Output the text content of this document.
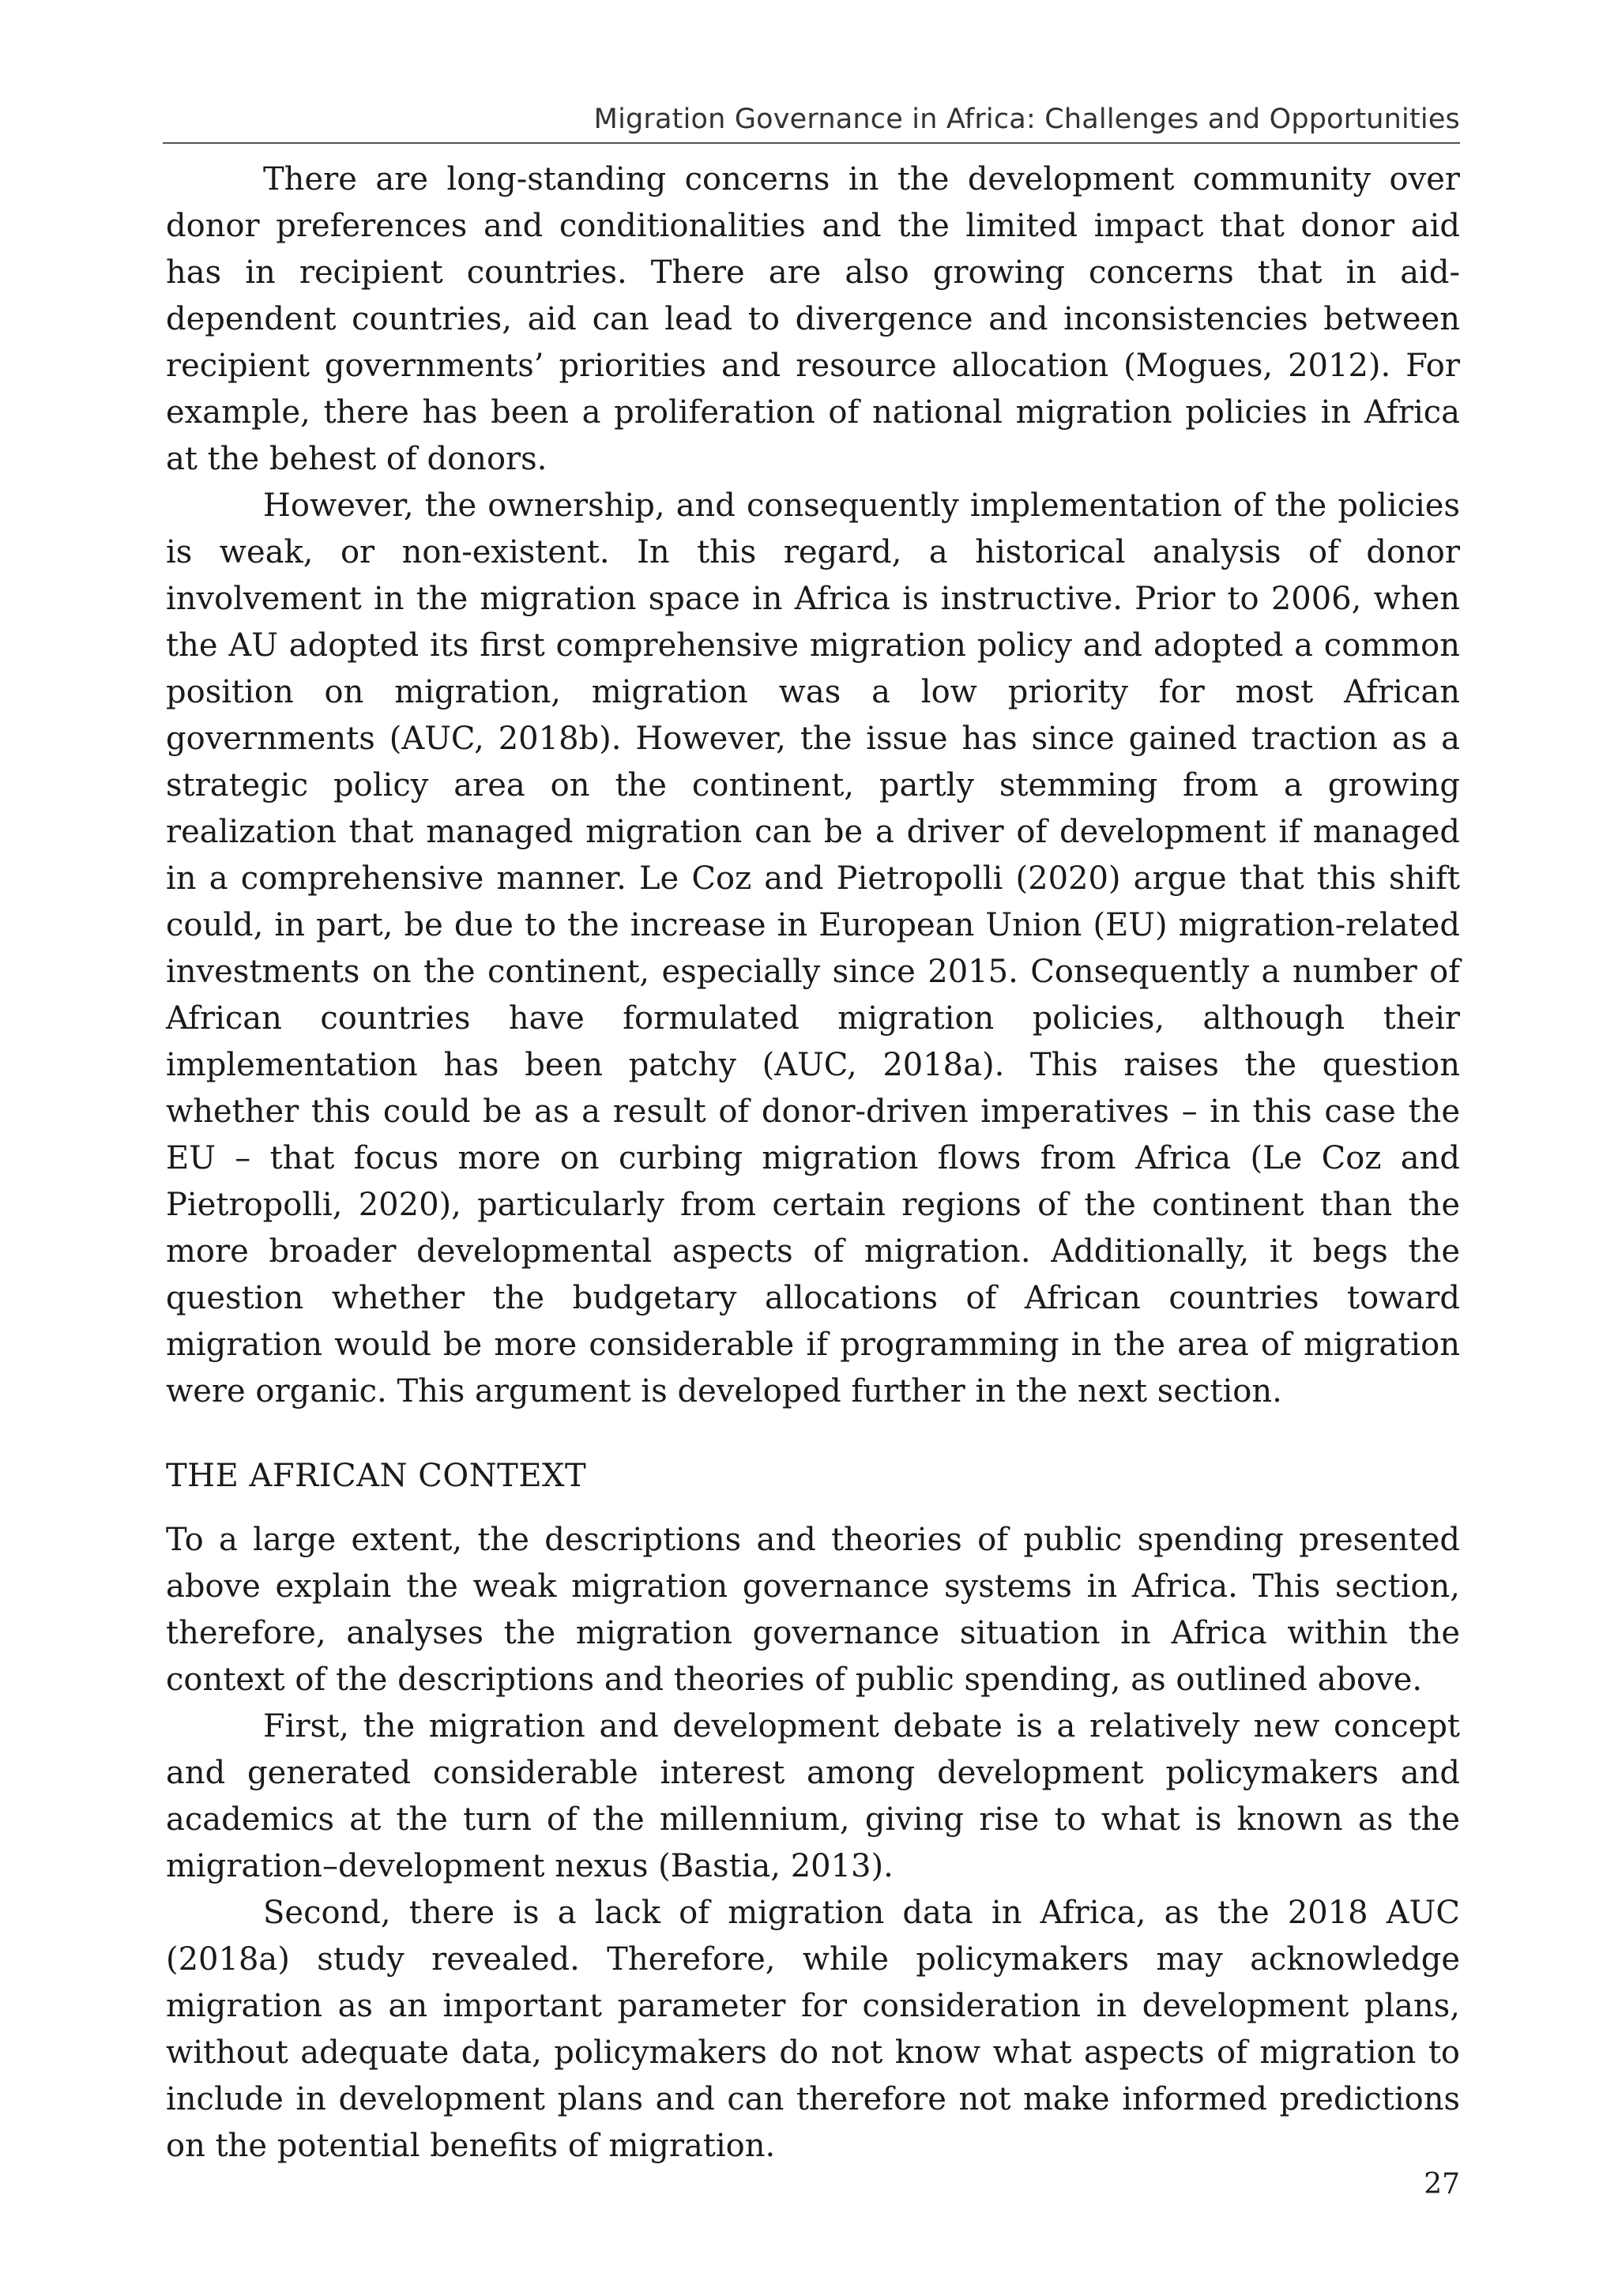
Migration Governance in Africa: Challenges and Opportunities

There are long-standing concerns in the development community over donor preferences and conditionalities and the limited impact that donor aid has in recipient countries. There are also growing concerns that in aid-dependent countries, aid can lead to divergence and inconsistencies between recipient governments’ priorities and resource allocation (Mogues, 2012). For example, there has been a proliferation of national migration policies in Africa at the behest of donors.

However, the ownership, and consequently implementation of the policies is weak, or non-existent. In this regard, a historical analysis of donor involvement in the migration space in Africa is instructive. Prior to 2006, when the AU adopted its first comprehensive migration policy and adopted a common position on migration, migration was a low priority for most African governments (AUC, 2018b). However, the issue has since gained traction as a strategic policy area on the continent, partly stemming from a growing realization that managed migration can be a driver of development if managed in a comprehensive manner. Le Coz and Pietropolli (2020) argue that this shift could, in part, be due to the increase in European Union (EU) migration-related investments on the continent, especially since 2015. Consequently a number of African countries have formulated migration policies, although their implementation has been patchy (AUC, 2018a). This raises the question whether this could be as a result of donor-driven imperatives – in this case the EU – that focus more on curbing migration flows from Africa (Le Coz and Pietropolli, 2020), particularly from certain regions of the continent than the more broader developmental aspects of migration. Additionally, it begs the question whether the budgetary allocations of African countries toward migration would be more considerable if programming in the area of migration were organic. This argument is developed further in the next section.

THE AFRICAN CONTEXT

To a large extent, the descriptions and theories of public spending presented above explain the weak migration governance systems in Africa. This section, therefore, analyses the migration governance situation in Africa within the context of the descriptions and theories of public spending, as outlined above.

First, the migration and development debate is a relatively new concept and generated considerable interest among development policymakers and academics at the turn of the millennium, giving rise to what is known as the migration–development nexus (Bastia, 2013).

Second, there is a lack of migration data in Africa, as the 2018 AUC (2018a) study revealed. Therefore, while policymakers may acknowledge migration as an important parameter for consideration in development plans, without adequate data, policymakers do not know what aspects of migration to include in development plans and can therefore not make informed predictions on the potential benefits of migration.

27
